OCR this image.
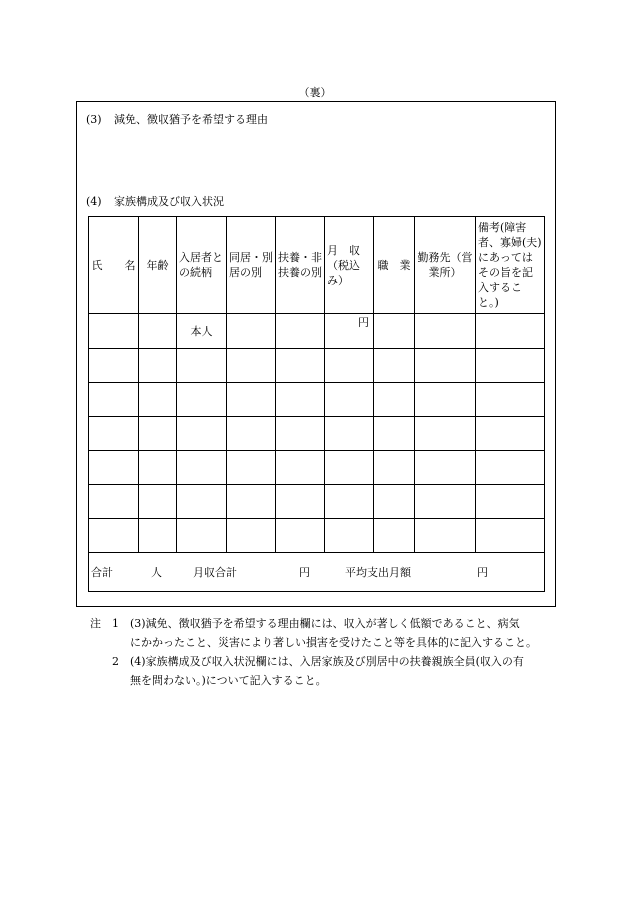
（裏）
(3) 減免、徴収猶予を希望する理由
(4) 家族構成及び収入状況
氏　　名	年齢	入居者との続柄	同居・別居の別	扶養・非扶養の別	月　収（税込み）	職　業	勤務先（営業所）	備考(障害者、寡婦(夫)にあってはその旨を記入すること。)
		本人			円			

合計 人 月収合計 円 平均支出月額 円								
注 1 (3)減免、徴収猶予を希望する理由欄には、収入が著しく低額であること、病気
にかかったこと、災害により著しい損害を受けたこと等を具体的に記入すること。
2 (4)家族構成及び収入状況欄には、入居家族及び別居中の扶養親族全員(収入の有
無を問わない。)について記入すること。
